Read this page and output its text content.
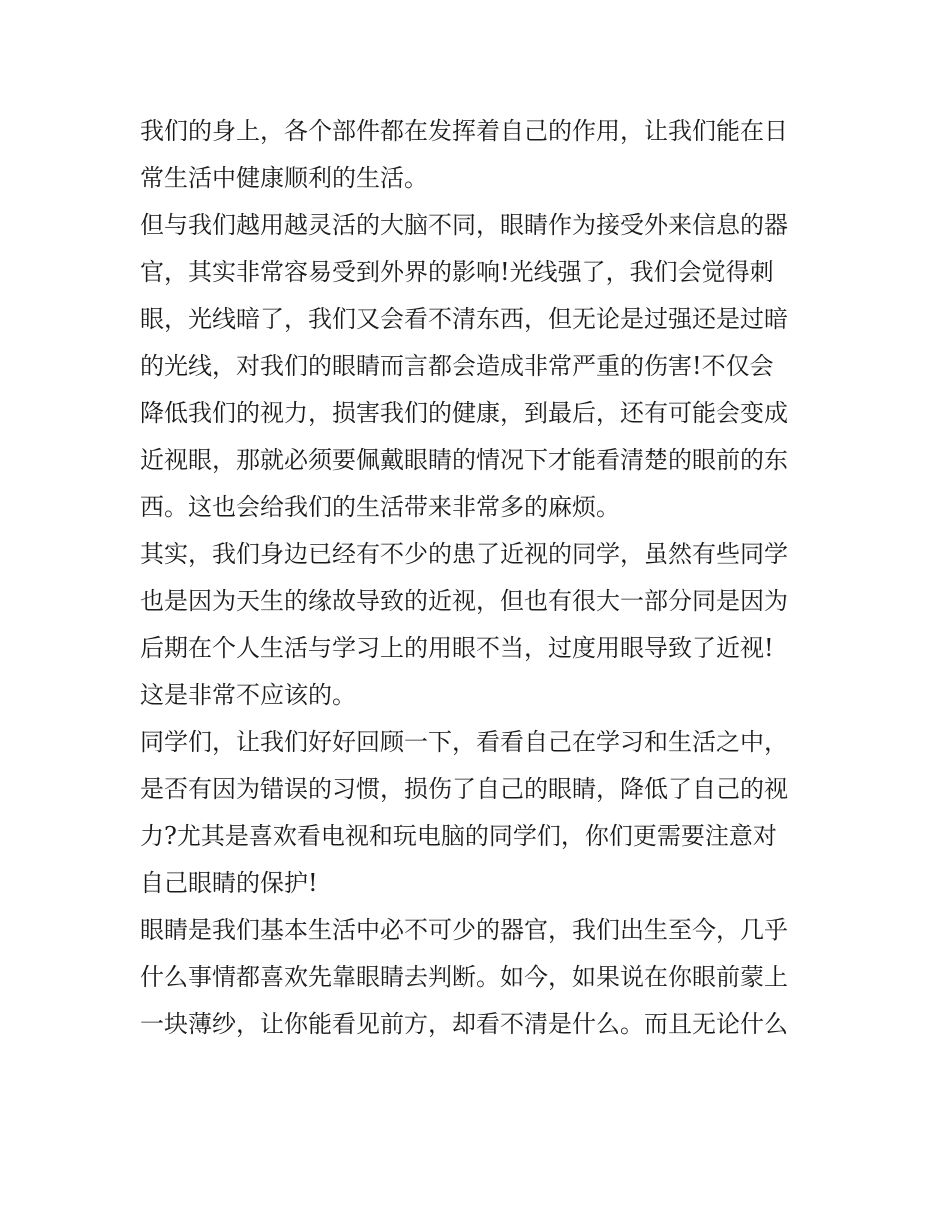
我们的身上，各个部件都在发挥着自己的作用，让我们能在日
常生活中健康顺利的生活。
但与我们越用越灵活的大脑不同，眼睛作为接受外来信息的器
官，其实非常容易受到外界的影响!光线强了，我们会觉得刺
眼，光线暗了，我们又会看不清东西，但无论是过强还是过暗
的光线，对我们的眼睛而言都会造成非常严重的伤害!不仅会
降低我们的视力，损害我们的健康，到最后，还有可能会变成
近视眼，那就必须要佩戴眼睛的情况下才能看清楚的眼前的东
西。这也会给我们的生活带来非常多的麻烦。
其实，我们身边已经有不少的患了近视的同学，虽然有些同学
也是因为天生的缘故导致的近视，但也有很大一部分同是因为
后期在个人生活与学习上的用眼不当，过度用眼导致了近视!
这是非常不应该的。
同学们，让我们好好回顾一下，看看自己在学习和生活之中，
是否有因为错误的习惯，损伤了自己的眼睛，降低了自己的视
力?尤其是喜欢看电视和玩电脑的同学们，你们更需要注意对
自己眼睛的保护!
眼睛是我们基本生活中必不可少的器官，我们出生至今，几乎
什么事情都喜欢先靠眼睛去判断。如今，如果说在你眼前蒙上
一块薄纱，让你能看见前方，却看不清是什么。而且无论什么
